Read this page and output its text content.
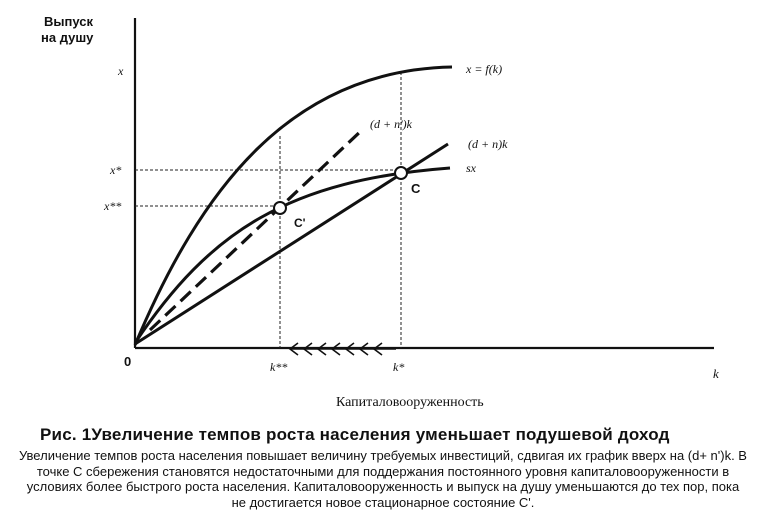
Выпуск
на душу
x
Капиталовооруженность
k
0
x = f(k)
(d + n')k
(d + n)k
sx
C
C'
x*
x**
k*
k**
Рис. 1Увеличение темпов роста населения уменьшает подушевой доход
Увеличение темпов роста населения повышает величину требуемых инвестиций, сдвигая их график вверх на (d+ n')k. В точке С сбережения становятся недостаточными для поддержания постоянного уровня капиталовооруженности в условиях более быстрого роста населения. Капиталовооруженность и выпуск на душу уменьшаются до тех пор, пока не достигается новое стационарное состояние С'.
